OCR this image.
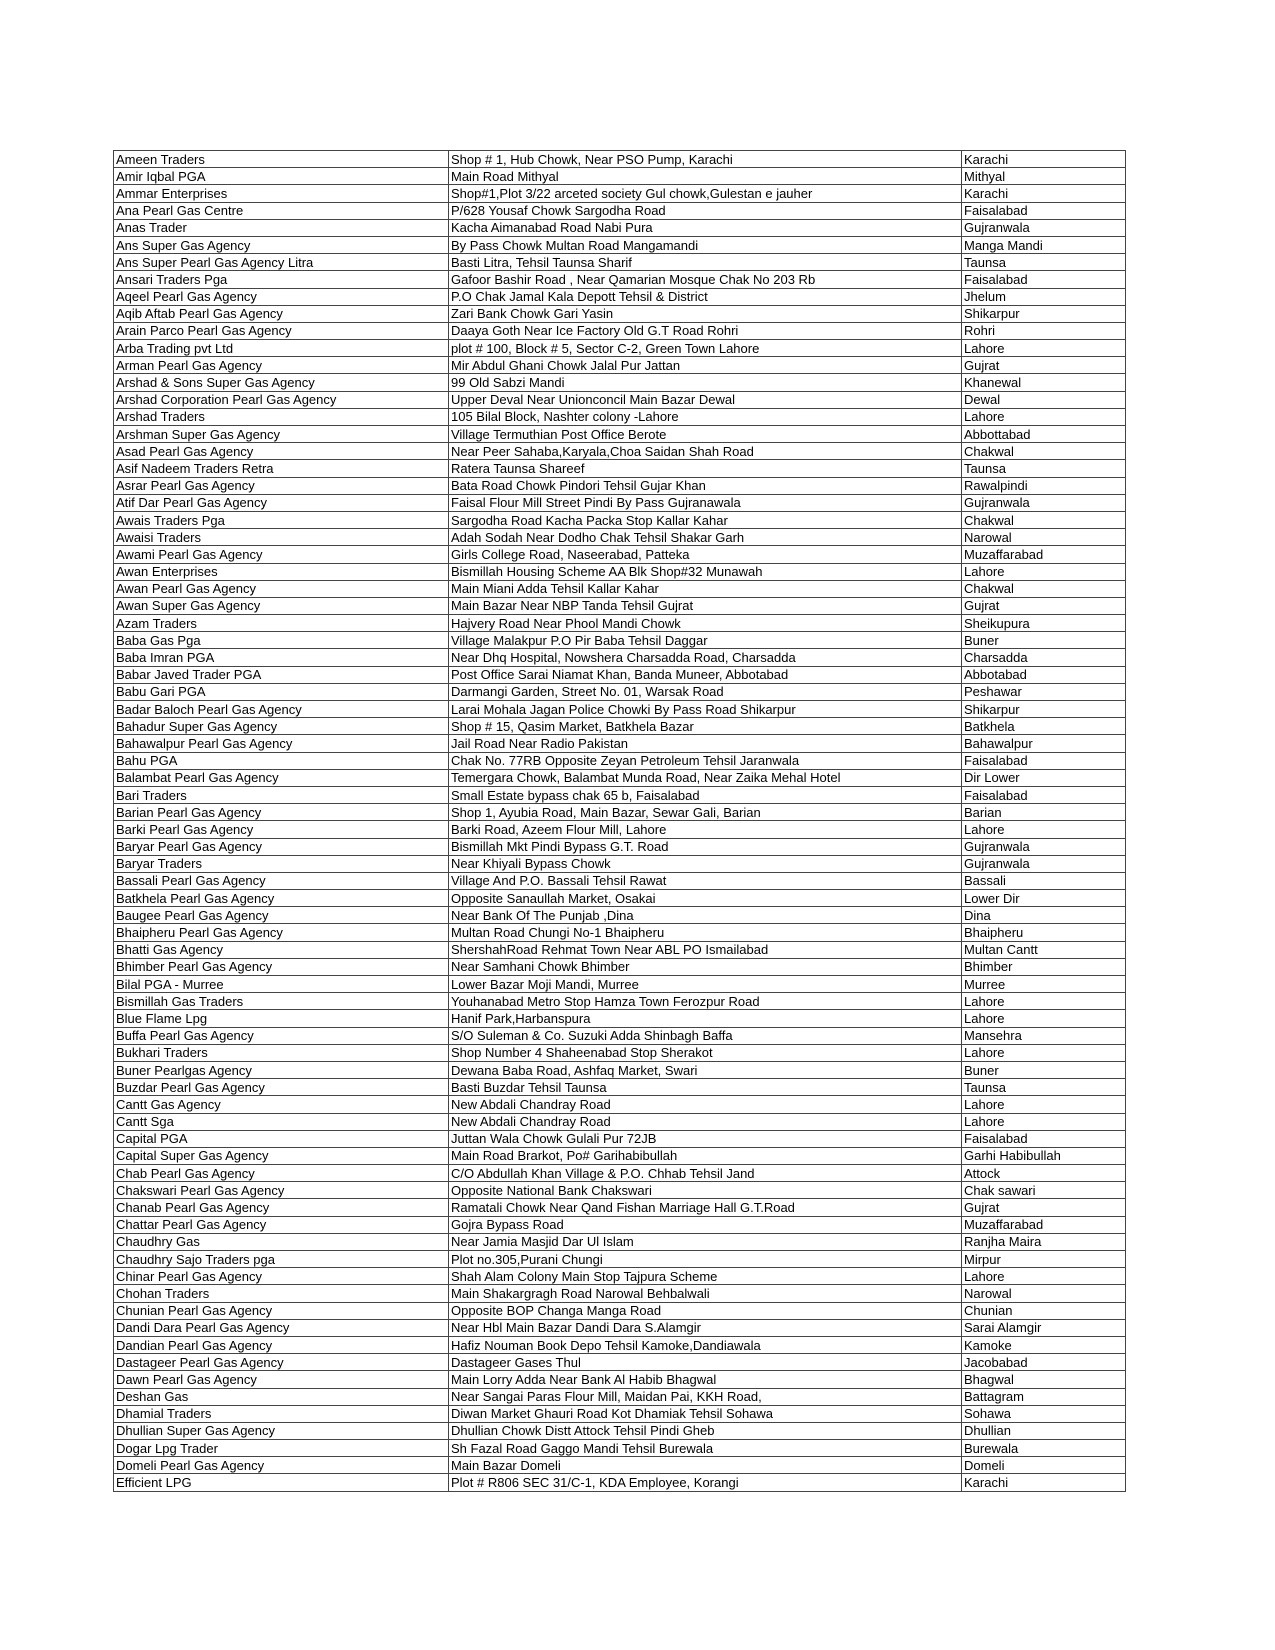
Ameen Traders	Shop # 1, Hub Chowk, Near PSO Pump, Karachi	Karachi
Amir Iqbal PGA	Main Road Mithyal	Mithyal
Ammar Enterprises	Shop#1,Plot 3/22 arceted society Gul chowk,Gulestan e jauher	Karachi
Ana Pearl Gas Centre	P/628 Yousaf Chowk Sargodha Road	Faisalabad
Anas Trader	Kacha Aimanabad Road Nabi Pura	Gujranwala
Ans Super Gas Agency	By Pass Chowk Multan Road Mangamandi	Manga Mandi
Ans Super Pearl Gas Agency Litra	Basti Litra, Tehsil Taunsa Sharif	Taunsa
Ansari Traders Pga	Gafoor Bashir Road , Near Qamarian Mosque Chak No 203 Rb	Faisalabad
Aqeel Pearl Gas Agency	P.O Chak Jamal Kala Depott Tehsil & District	Jhelum
Aqib Aftab Pearl Gas Agency	Zari Bank Chowk Gari Yasin	Shikarpur
Arain Parco Pearl Gas Agency	Daaya Goth Near Ice Factory Old G.T Road Rohri	Rohri
Arba Trading pvt Ltd	plot # 100, Block # 5, Sector C-2, Green Town Lahore	Lahore
Arman Pearl Gas Agency	Mir Abdul Ghani Chowk Jalal Pur Jattan	Gujrat
Arshad & Sons Super Gas Agency	99 Old Sabzi Mandi	Khanewal
Arshad Corporation Pearl Gas Agency	Upper Deval Near Unionconcil Main Bazar Dewal	Dewal
Arshad Traders	105 Bilal Block, Nashter colony -Lahore	Lahore
Arshman Super Gas Agency	Village Termuthian Post Office Berote	Abbottabad
Asad Pearl Gas Agency	Near Peer Sahaba,Karyala,Choa Saidan Shah Road	Chakwal
Asif Nadeem Traders Retra	Ratera Taunsa Shareef	Taunsa
Asrar Pearl Gas Agency	Bata Road Chowk Pindori Tehsil Gujar Khan	Rawalpindi
Atif Dar Pearl Gas Agency	Faisal Flour Mill Street Pindi By Pass Gujranawala	Gujranwala
Awais Traders Pga	Sargodha Road Kacha Packa Stop Kallar Kahar	Chakwal
Awaisi Traders	Adah Sodah Near Dodho Chak Tehsil Shakar Garh	Narowal
Awami Pearl Gas Agency	Girls College Road, Naseerabad, Patteka	Muzaffarabad
Awan Enterprises	Bismillah Housing Scheme AA Blk Shop#32 Munawah	Lahore
Awan Pearl Gas Agency	Main Miani Adda Tehsil Kallar Kahar	Chakwal
Awan Super Gas Agency	Main Bazar Near NBP Tanda Tehsil Gujrat	Gujrat
Azam Traders	Hajvery Road Near Phool Mandi Chowk	Sheikupura
Baba Gas Pga	Village Malakpur P.O Pir Baba Tehsil Daggar	Buner
Baba Imran PGA	Near Dhq Hospital, Nowshera Charsadda Road, Charsadda	Charsadda
Babar Javed Trader PGA	Post Office Sarai Niamat Khan, Banda Muneer, Abbotabad	Abbotabad
Babu Gari PGA	Darmangi Garden, Street No. 01, Warsak Road	Peshawar
Badar Baloch Pearl Gas Agency	Larai Mohala Jagan Police Chowki By Pass Road Shikarpur	Shikarpur
Bahadur Super Gas Agency	Shop # 15, Qasim Market, Batkhela Bazar	Batkhela
Bahawalpur Pearl Gas Agency	Jail Road Near Radio Pakistan	Bahawalpur
Bahu PGA	Chak No. 77RB Opposite Zeyan Petroleum Tehsil Jaranwala	Faisalabad
Balambat Pearl Gas Agency	Temergara Chowk, Balambat Munda Road, Near Zaika Mehal Hotel	Dir Lower
Bari Traders	Small Estate bypass chak 65 b, Faisalabad	Faisalabad
Barian Pearl Gas Agency	Shop 1, Ayubia Road, Main Bazar, Sewar Gali, Barian	Barian
Barki Pearl Gas Agency	Barki Road, Azeem Flour Mill, Lahore	Lahore
Baryar Pearl Gas Agency	Bismillah Mkt Pindi Bypass G.T. Road	Gujranwala
Baryar Traders	Near Khiyali Bypass Chowk	Gujranwala
Bassali Pearl Gas Agency	Village And P.O. Bassali Tehsil Rawat	Bassali
Batkhela Pearl Gas Agency	Opposite Sanaullah Market, Osakai	Lower Dir
Baugee Pearl Gas Agency	Near Bank Of The Punjab ,Dina	Dina
Bhaipheru Pearl Gas Agency	Multan Road Chungi No-1 Bhaipheru	Bhaipheru
Bhatti Gas Agency	ShershahRoad Rehmat Town Near ABL PO Ismailabad	Multan Cantt
Bhimber Pearl Gas Agency	Near Samhani Chowk Bhimber	Bhimber
Bilal PGA - Murree	Lower Bazar Moji Mandi, Murree	Murree
Bismillah Gas Traders	Youhanabad Metro Stop Hamza Town Ferozpur Road	Lahore
Blue Flame Lpg	Hanif Park,Harbanspura	Lahore
Buffa Pearl Gas Agency	S/O Suleman & Co. Suzuki Adda Shinbagh Baffa	Mansehra
Bukhari Traders	Shop Number 4 Shaheenabad Stop Sherakot	Lahore
Buner Pearlgas Agency	Dewana Baba Road, Ashfaq Market, Swari	Buner
Buzdar Pearl Gas Agency	Basti Buzdar Tehsil Taunsa	Taunsa
Cantt Gas Agency	New Abdali Chandray Road	Lahore
Cantt Sga	New Abdali Chandray Road	Lahore
Capital PGA	Juttan Wala Chowk Gulali Pur 72JB	Faisalabad
Capital Super Gas Agency	Main Road Brarkot, Po# Garihabibullah	Garhi Habibullah
Chab Pearl Gas Agency	C/O Abdullah Khan Village & P.O. Chhab Tehsil Jand	Attock
Chakswari Pearl Gas Agency	Opposite National Bank Chakswari	Chak sawari
Chanab Pearl Gas Agency	Ramatali Chowk Near Qand Fishan Marriage Hall G.T.Road	Gujrat
Chattar Pearl Gas Agency	Gojra Bypass Road	Muzaffarabad
Chaudhry Gas	Near Jamia Masjid Dar Ul Islam	Ranjha Maira
Chaudhry Sajo Traders pga	Plot no.305,Purani Chungi	Mirpur
Chinar Pearl Gas Agency	Shah Alam Colony Main Stop Tajpura Scheme	Lahore
Chohan Traders	Main Shakargragh Road Narowal Behbalwali	Narowal
Chunian Pearl Gas Agency	Opposite BOP Changa Manga Road	Chunian
Dandi Dara Pearl Gas Agency	Near Hbl Main Bazar Dandi Dara S.Alamgir	Sarai Alamgir
Dandian Pearl Gas Agency	Hafiz Nouman Book Depo Tehsil Kamoke,Dandiawala	Kamoke
Dastageer Pearl Gas Agency	Dastageer Gases Thul	Jacobabad
Dawn Pearl Gas Agency	Main Lorry Adda Near Bank Al Habib Bhagwal	Bhagwal
Deshan Gas	Near Sangai Paras Flour Mill, Maidan Pai, KKH Road,	Battagram
Dhamial Traders	Diwan Market Ghauri Road Kot Dhamiak Tehsil Sohawa	Sohawa
Dhullian Super Gas Agency	Dhullian Chowk Distt Attock Tehsil Pindi Gheb	Dhullian
Dogar Lpg Trader	Sh Fazal Road Gaggo Mandi Tehsil Burewala	Burewala
Domeli Pearl Gas Agency	Main Bazar Domeli	Domeli
Efficient LPG	Plot # R806 SEC 31/C-1, KDA Employee, Korangi	Karachi
